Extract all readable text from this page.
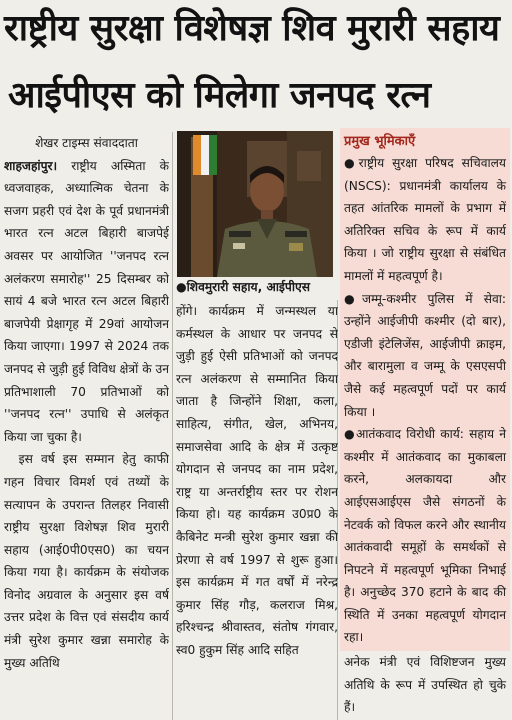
राष्ट्रीय सुरक्षा विशेषज्ञ शिव मुरारी सहाय
आईपीएस को मिलेगा जनपद रत्न

शेखर टाइम्स संवाददाता

शाहजहांपुर। राष्ट्रीय अस्मिता के ध्वजवाहक, अध्यात्मिक चेतना के सजग प्रहरी एवं देश के पूर्व प्रधानमंत्री भारत रत्न अटल बिहारी बाजपेई अवसर पर आयोजित ''जनपद रत्न अलंकरण समारोह'' 25 दिसम्बर को सायं 4 बजे भारत रत्न अटल बिहारी बाजपेयी प्रेक्षागृह में 29वां आयोजन किया जाएगा। 1997 से 2024 तक जनपद से जुड़ी हुई विविध क्षेत्रों के उन प्रतिभाशाली 70 प्रतिभाओं को ''जनपद रत्न'' उपाधि से अलंकृत किया जा चुका है।

इस वर्ष इस सम्मान हेतु काफी गहन विचार विमर्श एवं तथ्यों के सत्यापन के उपरान्त तिलहर निवासी राष्ट्रीय सुरक्षा विशेषज्ञ शिव मुरारी सहाय (आई0पी0एस0) का चयन किया गया है। कार्यक्रम के संयोजक विनोद अग्रवाल के अनुसार इस वर्ष उत्तर प्रदेश के वित्त एवं संसदीय कार्य मंत्री सुरेश कुमार खन्ना समारोह के मुख्य अतिथि

●शिवमुरारी सहाय, आईपीएस

होंगे। कार्यक्रम में जन्मस्थल या कर्मस्थल के आधार पर जनपद से जुड़ी हुई ऐसी प्रतिभाओं को जनपद रत्न अलंकरण से सम्मानित किया जाता है जिन्होंने शिक्षा, कला, साहित्य, संगीत, खेल, अभिनय, समाजसेवा आदि के क्षेत्र में उत्कृष्ट योगदान से जनपद का नाम प्रदेश, राष्ट्र या अन्तर्राष्ट्रीय स्तर पर रोशन किया हो। यह कार्यक्रम उ0प्र0 के कैबिनेट मन्त्री सुरेश कुमार खन्ना की प्रेरणा से वर्ष 1997 से शुरू हुआ। इस कार्यक्रम में गत वर्षों में नरेन्द्र कुमार सिंह गौड़, कलराज मिश्र, हरिश्चन्द्र श्रीवास्तव, संतोष गंगवार, स्व0 हुकुम सिंह आदि सहित

प्रमुख भूमिकाएँ

●राष्ट्रीय सुरक्षा परिषद सचिवालय (NSCS): प्रधानमंत्री कार्यालय के तहत आंतरिक मामलों के प्रभाग में अतिरिक्त सचिव के रूप में कार्य किया । जो राष्ट्रीय सुरक्षा से संबंधित मामलों में महत्वपूर्ण है।

●जम्मू-कश्मीर पुलिस में सेवा: उन्होंने आईजीपी कश्मीर (दो बार), एडीजी इंटेलिजेंस, आईजीपी क्राइम, और बारामुला व जम्मू के एसएसपी जैसे कई महत्वपूर्ण पदों पर कार्य किया ।

●आतंकवाद विरोधी कार्य: सहाय ने कश्मीर में आतंकवाद का मुकाबला करने, अलकायदा और आईएसआईएस जैसे संगठनों के नेटवर्क को विफल करने और स्थानीय आतंकवादी समूहों के समर्थकों से निपटने में महत्वपूर्ण भूमिका निभाई है। अनुच्छेद 370 हटाने के बाद की स्थिति में उनका महत्वपूर्ण योगदान रहा।

अनेक मंत्री एवं विशिष्टजन मुख्य अतिथि के रूप में उपस्थित हो चुके हैं।
